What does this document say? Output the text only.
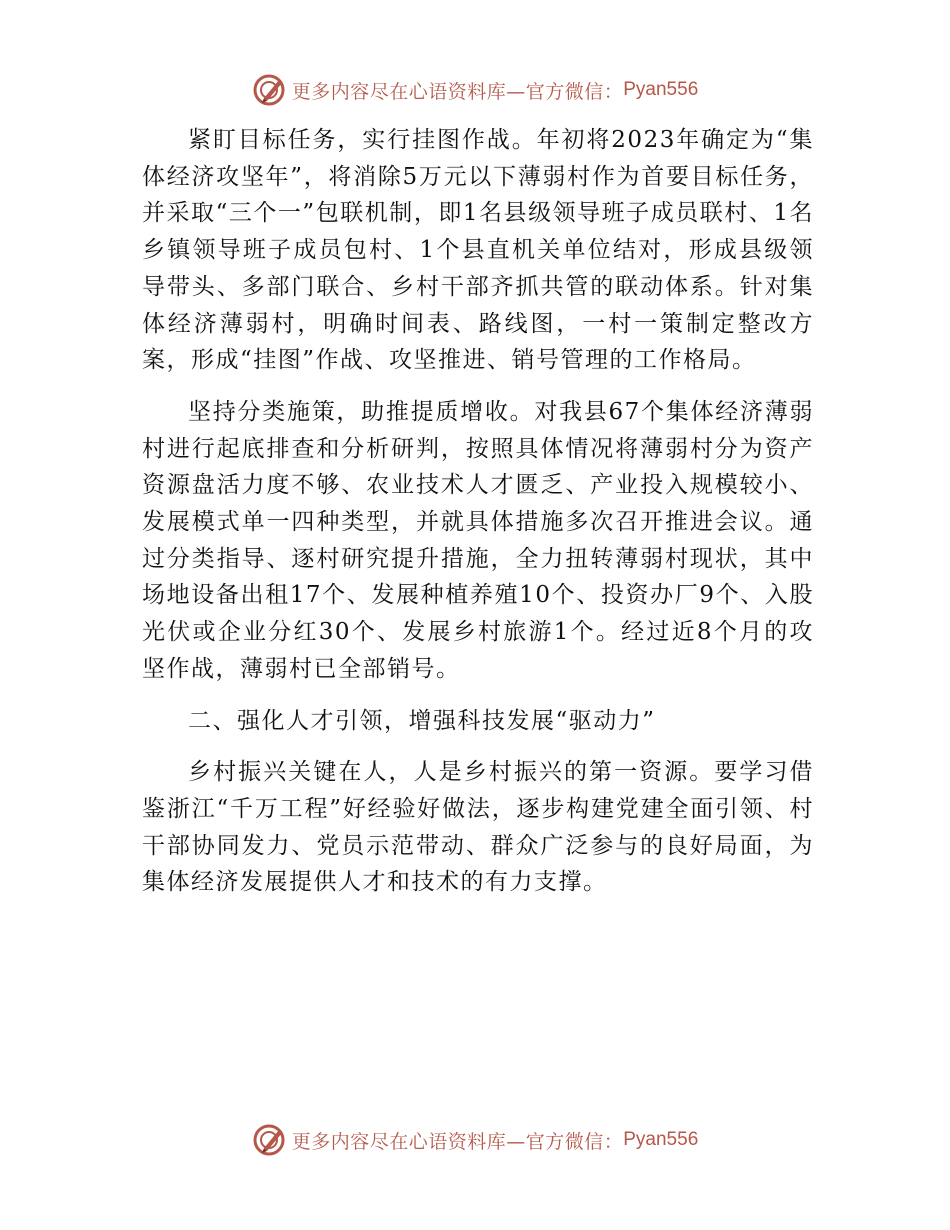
更多内容尽在心语资料库—官方微信： Pyan556

紧盯目标任务，实行挂图作战。年初将2023年确定为“集体经济攻坚年”，将消除5万元以下薄弱村作为首要目标任务，并采取“三个一”包联机制，即1名县级领导班子成员联村、1名乡镇领导班子成员包村、1个县直机关单位结对，形成县级领导带头、多部门联合、乡村干部齐抓共管的联动体系。针对集体经济薄弱村，明确时间表、路线图，一村一策制定整改方案，形成“挂图”作战、攻坚推进、销号管理的工作格局。

坚持分类施策，助推提质增收。对我县67个集体经济薄弱村进行起底排查和分析研判，按照具体情况将薄弱村分为资产资源盘活力度不够、农业技术人才匮乏、产业投入规模较小、发展模式单一四种类型，并就具体措施多次召开推进会议。通过分类指导、逐村研究提升措施，全力扭转薄弱村现状，其中场地设备出租17个、发展种植养殖10个、投资办厂9个、入股光伏或企业分红30个、发展乡村旅游1个。经过近8个月的攻坚作战，薄弱村已全部销号。

二、强化人才引领，增强科技发展“驱动力”

乡村振兴关键在人，人是乡村振兴的第一资源。要学习借鉴浙江“千万工程”好经验好做法，逐步构建党建全面引领、村干部协同发力、党员示范带动、群众广泛参与的良好局面，为集体经济发展提供人才和技术的有力支撑。

更多内容尽在心语资料库—官方微信： Pyan556
